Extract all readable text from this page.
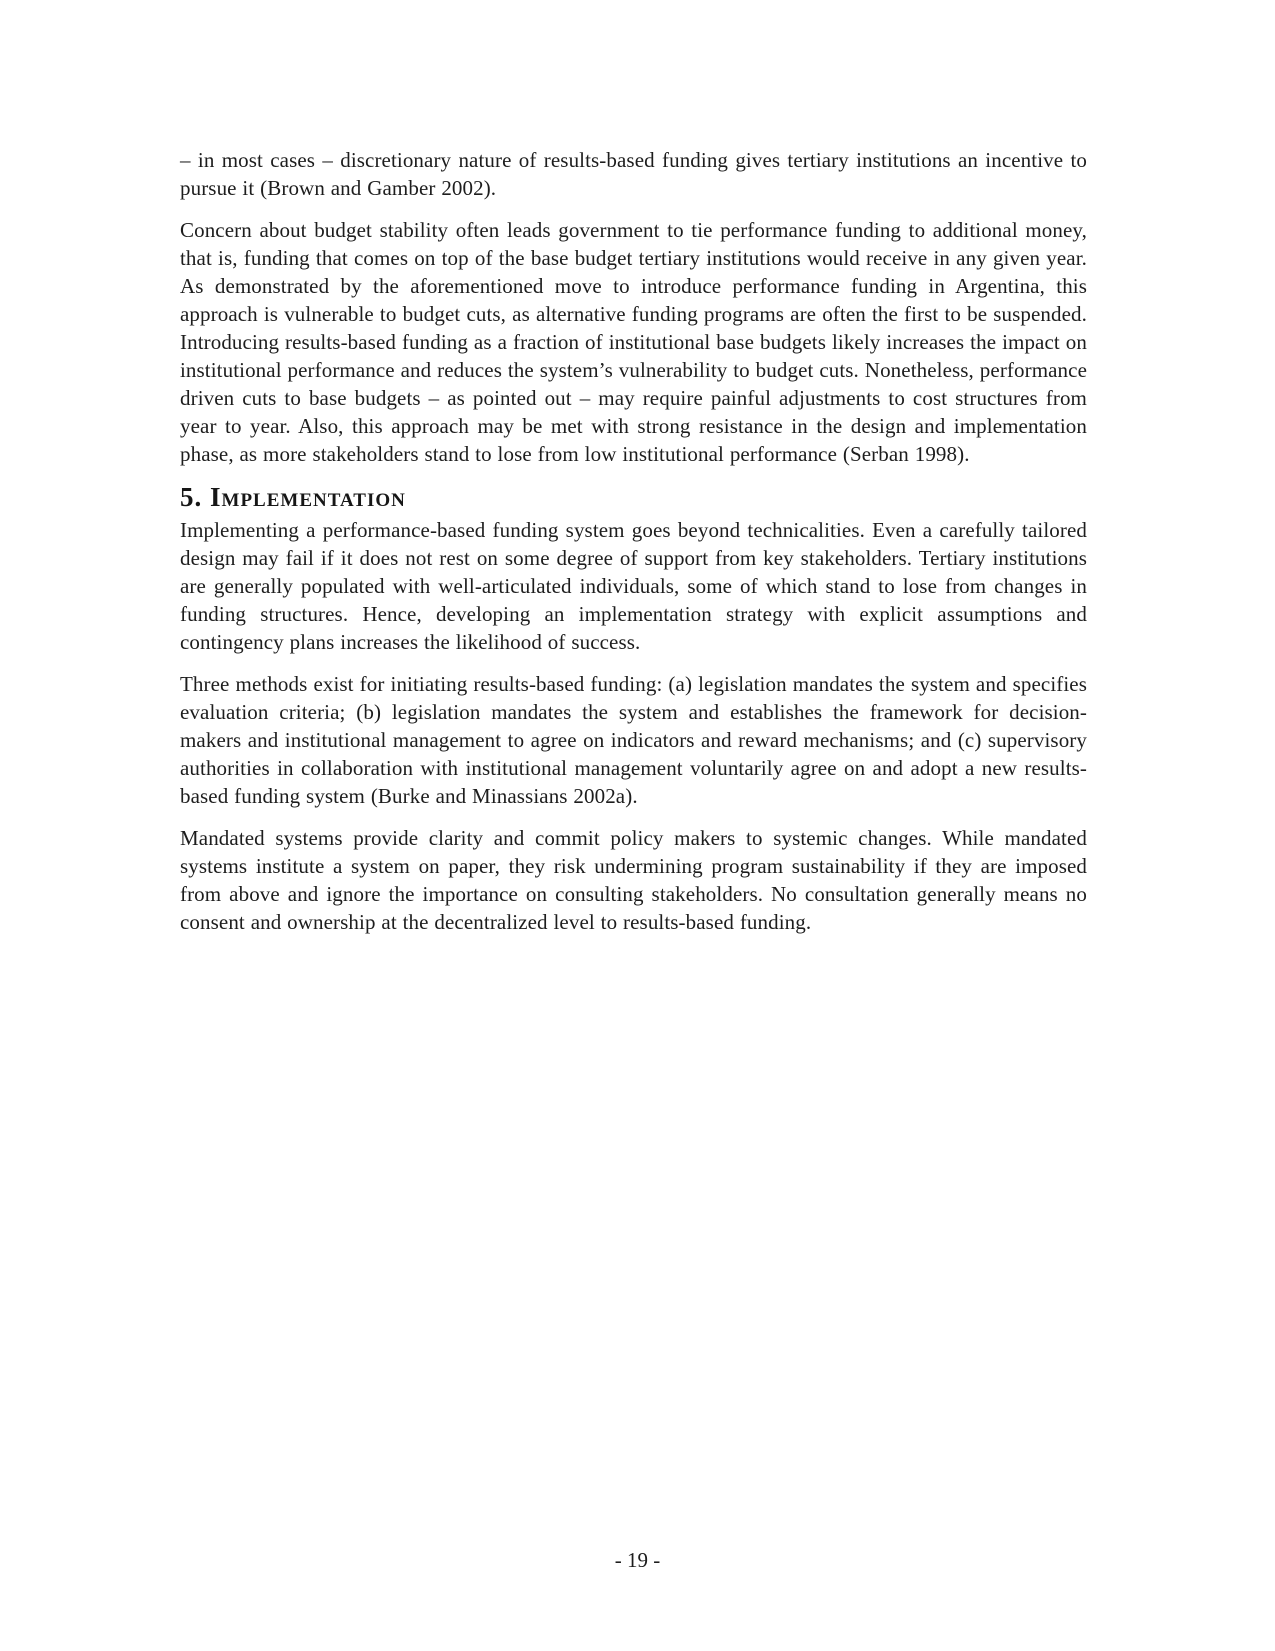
– in most cases – discretionary nature of results-based funding gives tertiary institutions an incentive to pursue it (Brown and Gamber 2002).

Concern about budget stability often leads government to tie performance funding to additional money, that is, funding that comes on top of the base budget tertiary institutions would receive in any given year. As demonstrated by the aforementioned move to introduce performance funding in Argentina, this approach is vulnerable to budget cuts, as alternative funding programs are often the first to be suspended. Introducing results-based funding as a fraction of institutional base budgets likely increases the impact on institutional performance and reduces the system’s vulnerability to budget cuts. Nonetheless, performance driven cuts to base budgets – as pointed out – may require painful adjustments to cost structures from year to year. Also, this approach may be met with strong resistance in the design and implementation phase, as more stakeholders stand to lose from low institutional performance (Serban 1998).

5. Implementation

Implementing a performance-based funding system goes beyond technicalities. Even a carefully tailored design may fail if it does not rest on some degree of support from key stakeholders. Tertiary institutions are generally populated with well-articulated individuals, some of which stand to lose from changes in funding structures. Hence, developing an implementation strategy with explicit assumptions and contingency plans increases the likelihood of success.

Three methods exist for initiating results-based funding: (a) legislation mandates the system and specifies evaluation criteria; (b) legislation mandates the system and establishes the framework for decision-makers and institutional management to agree on indicators and reward mechanisms; and (c) supervisory authorities in collaboration with institutional management voluntarily agree on and adopt a new results-based funding system (Burke and Minassians 2002a).

Mandated systems provide clarity and commit policy makers to systemic changes. While mandated systems institute a system on paper, they risk undermining program sustainability if they are imposed from above and ignore the importance on consulting stakeholders. No consultation generally means no consent and ownership at the decentralized level to results-based funding.

- 19 -
